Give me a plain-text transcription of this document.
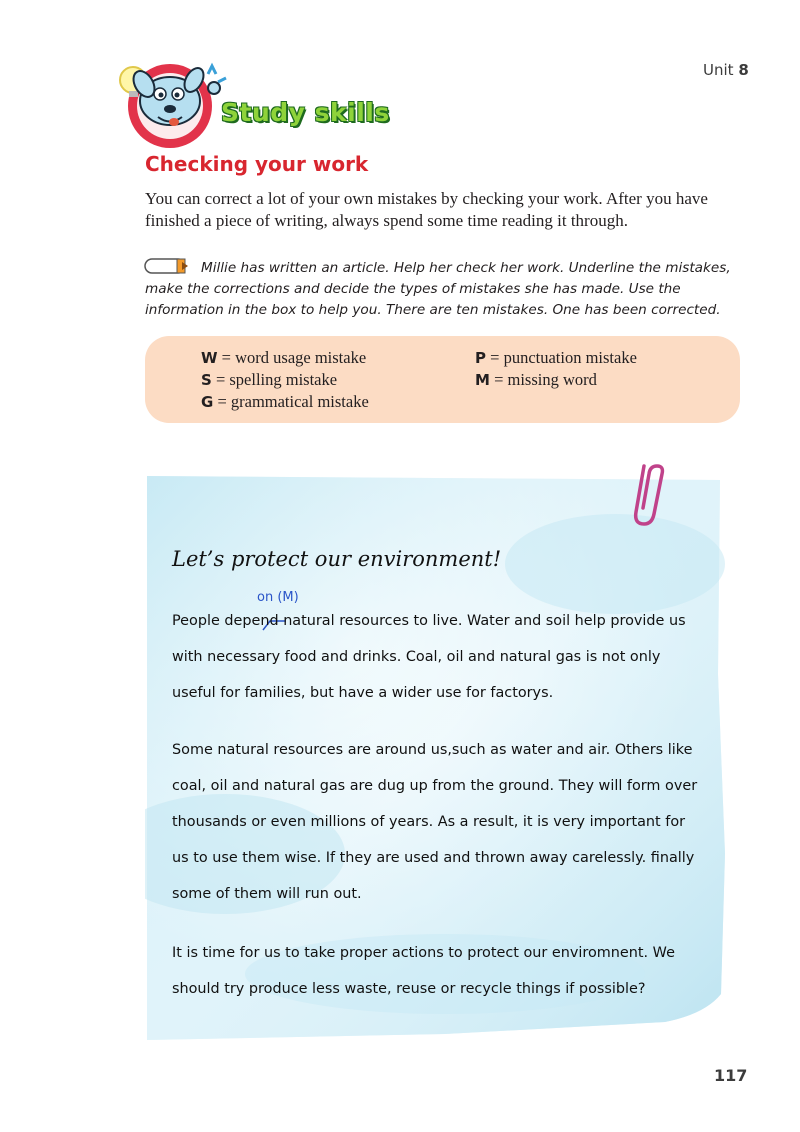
Unit 8
Study skills
Checking your work
You can correct a lot of your own mistakes by checking your work. After you have finished a piece of writing, always spend some time reading it through.
Millie has written an article. Help her check her work. Underline the mistakes, make the corrections and decide the types of mistakes she has made. Use the information in the box to help you. There are ten mistakes. One has been corrected.
W = word usage mistake
S = spelling mistake
G = grammatical mistake
P = punctuation mistake
M = missing word
Let’s protect our environment!
on (M)
People depend natural resources to live. Water and soil help provide us with necessary food and drinks. Coal, oil and natural gas is not only useful for families, but have a wider use for factorys.
Some natural resources are around us,such as water and air. Others like coal, oil and natural gas are dug up from the ground. They will form over thousands or even millions of years. As a result, it is very important for us to use them wise. If they are used and thrown away carelessly. finally some of them will run out.
It is time for us to take proper actions to protect our enviromnent. We should try produce less waste, reuse or recycle things if possible?
117
